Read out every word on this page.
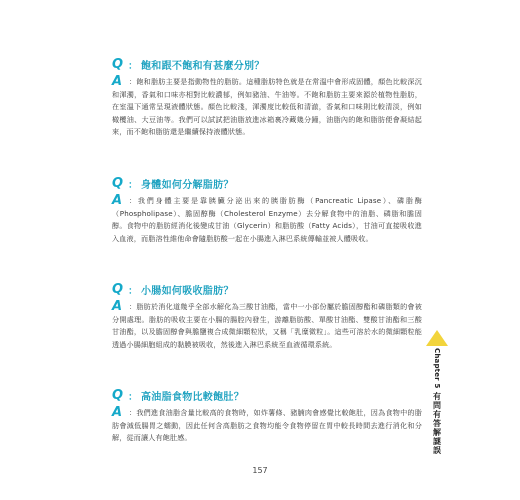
Q ： 飽和跟不飽和有甚麼分別？
A ：飽和脂肪主要是指動物性的脂肪。這種脂肪特色就是在常溫中會形成固體，顏色比較深沉和渾濁，香氣和口味亦相對比較濃郁，例如豬油、牛油等。不飽和脂肪主要來源於植物性脂肪，在室溫下通常呈現液體狀態。顏色比較淺，渾濁度比較低和清澈，香氣和口味則比較清淡，例如橄欖油、大豆油等。我們可以試試把油脂放進冰箱裏冷藏幾分鐘，油脂內的飽和脂肪便會凝結起來，而不飽和脂肪還是繼續保持液體狀態。

Q ： 身體如何分解脂肪？
A ：我們身體主要是靠胰臟分泌出來的胰脂肪酶（Pancreatic Lipase）、磷脂酶（Phospholipase）、膽固醇酶（Cholesterol Enzyme）去分解食物中的油脂、磷脂和膽固醇。食物中的脂肪經消化後變成甘油（Glycerin）和脂肪酸（Fatty Acids），甘油可直接吸收進入血液，而脂溶性維他命會隨脂肪酸一起在小腸進入淋巴系統傳輸並被人體吸收。

Q ： 小腸如何吸收脂肪？
A ：脂肪於消化道幾乎全部水解化為三酸甘油酯，當中一小部份屬於膽固醇酯和磷脂類的會被分開處理。脂肪的吸收主要在小腸的腸腔內發生，游離脂肪酸、單酸甘油酯、雙酸甘油酯和三酸甘油酯，以及膽固醇會與膽鹽複合成微細顆粒狀，又稱「乳糜微粒」。這些可溶於水的微細顆粒能透過小腸細胞組成的黏膜被吸收，然後進入淋巴系統至血液循環系統。

Q ： 高油脂食物比較飽肚？
A ：我們進食油脂含量比較高的食物時，如炸薯條、豬腩肉會感覺比較飽肚，因為食物中的脂肪會減低腸胃之蠕動，因此任何含高脂肪之食物均能令食物停留在胃中較長時間去進行消化和分解，從而讓人有飽肚感。

Chapter 5
有問有答解謎誤
157
